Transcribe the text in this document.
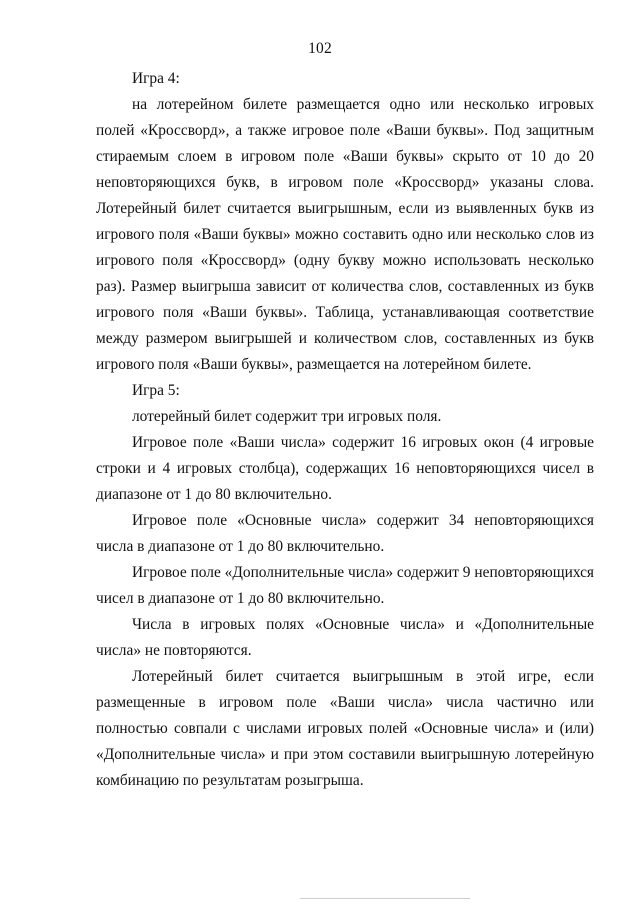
102

Игра 4:

на лотерейном билете размещается одно или несколько игровых полей «Кроссворд», а также игровое поле «Ваши буквы». Под защитным стираемым слоем в игровом поле «Ваши буквы» скрыто от 10 до 20 неповторяющихся букв, в игровом поле «Кроссворд» указаны слова. Лотерейный билет считается выигрышным, если из выявленных букв из игрового поля «Ваши буквы» можно составить одно или несколько слов из игрового поля «Кроссворд» (одну букву можно использовать несколько раз). Размер выигрыша зависит от количества слов, составленных из букв игрового поля «Ваши буквы». Таблица, устанавливающая соответствие между размером выигрышей и количеством слов, составленных из букв игрового поля «Ваши буквы», размещается на лотерейном билете.

Игра 5:

лотерейный билет содержит три игровых поля.

Игровое поле «Ваши числа» содержит 16 игровых окон (4 игровые строки и 4 игровых столбца), содержащих 16 неповторяющихся чисел в диапазоне от 1 до 80 включительно.

Игровое поле «Основные числа» содержит 34 неповторяющихся числа в диапазоне от 1 до 80 включительно.

Игровое поле «Дополнительные числа» содержит 9 неповторяющихся чисел в диапазоне от 1 до 80 включительно.

Числа в игровых полях «Основные числа» и «Дополнительные числа» не повторяются.

Лотерейный билет считается выигрышным в этой игре, если размещенные в игровом поле «Ваши числа» числа частично или полностью совпали с числами игровых полей «Основные числа» и (или) «Дополнительные числа» и при этом составили выигрышную лотерейную комбинацию по результатам розыгрыша.
